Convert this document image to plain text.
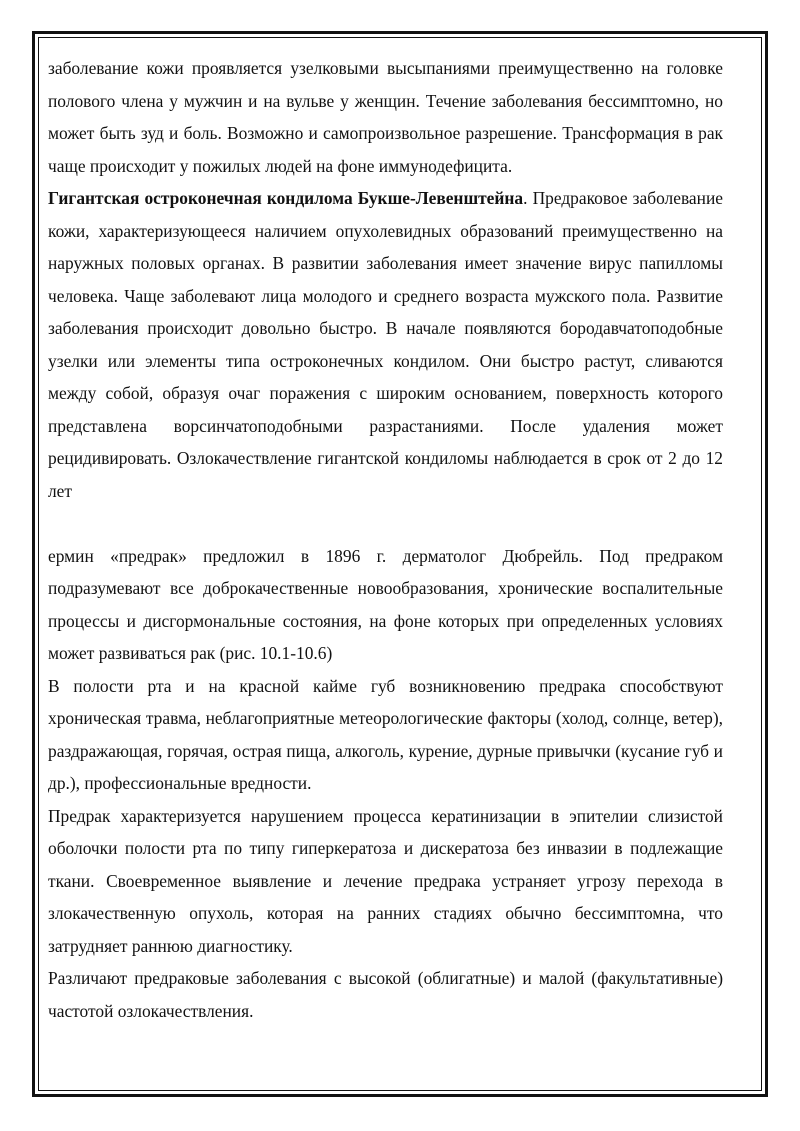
заболевание кожи проявляется узелковыми высыпаниями преимущественно на головке полового члена у мужчин и на вульве у женщин. Течение заболевания бессимптомно, но может быть зуд и боль. Возможно и самопроизвольное разрешение. Трансформация в рак чаще происходит у пожилых людей на фоне иммунодефицита.

Гигантская остроконечная кондилома Букше-Левенштейна. Предраковое заболевание кожи, характеризующееся наличием опухолевидных образований преимущественно на наружных половых органах. В развитии заболевания имеет значение вирус папилломы человека. Чаще заболевают лица молодого и среднего возраста мужского пола. Развитие заболевания происходит довольно быстро. В начале появляются бородавчатоподобные узелки или элементы типа остроконечных кондилом. Они быстро растут, сливаются между собой, образуя очаг поражения с широким основанием, поверхность которого представлена ворсинчатоподобными разрастаниями. После удаления может рецидивировать. Озлокачествление гигантской кондиломы наблюдается в срок от 2 до 12 лет

ермин «предрак» предложил в 1896 г. дерматолог Дюбрейль. Под предраком подразумевают все доброкачественные новообразования, хронические воспалительные процессы и дисгормональные состояния, на фоне которых при определенных условиях может развиваться рак (рис. 10.1-10.6)

В полости рта и на красной кайме губ возникновению предрака способствуют хроническая травма, неблагоприятные метеорологические факторы (холод, солнце, ветер), раздражающая, горячая, острая пища, алкоголь, курение, дурные привычки (кусание губ и др.), профессиональные вредности.

Предрак характеризуется нарушением процесса кератинизации в эпителии слизистой оболочки полости рта по типу гиперкератоза и дискератоза без инвазии в подлежащие ткани. Своевременное выявление и лечение предрака устраняет угрозу перехода в злокачественную опухоль, которая на ранних стадиях обычно бессимптомна, что затрудняет раннюю диагностику.

Различают предраковые заболевания с высокой (облигатные) и малой (факультативные) частотой озлокачествления.
